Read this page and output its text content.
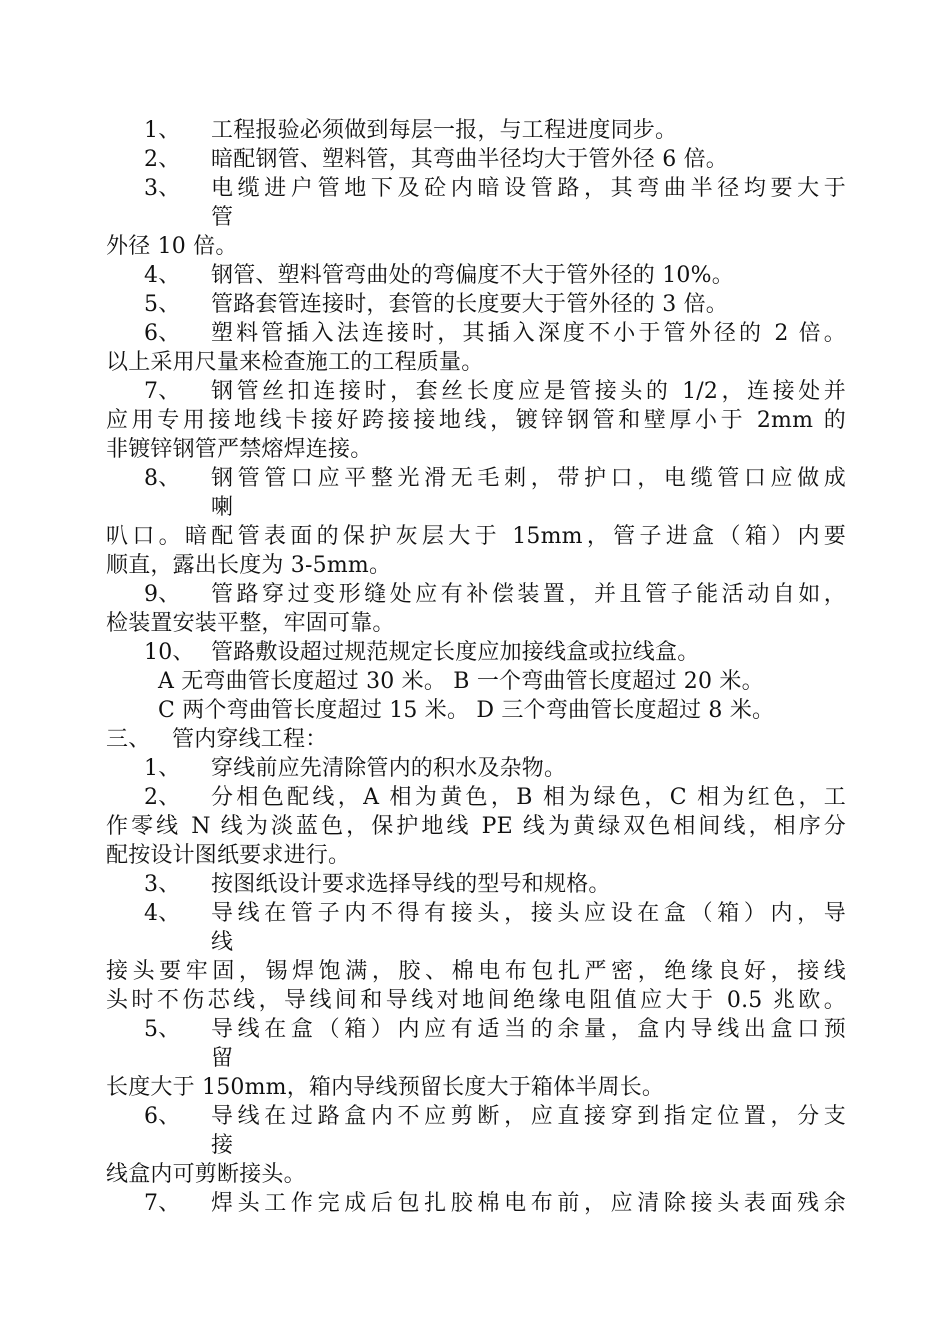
1、 工程报验必须做到每层一报，与工程进度同步。
2、 暗配钢管、塑料管，其弯曲半径均大于管外径 6 倍。
3、 电缆进户管地下及砼内暗设管路，其弯曲半径均要大于
管
外径 10 倍。
4、 钢管、塑料管弯曲处的弯偏度不大于管外径的 10%。
5、 管路套管连接时，套管的长度要大于管外径的 3 倍。
6、 塑料管插入法连接时，其插入深度不小于管外径的 2 倍。
以上采用尺量来检查施工的工程质量。
7、 钢管丝扣连接时，套丝长度应是管接头的 1/2，连接处并
应用专用接地线卡接好跨接接地线，镀锌钢管和壁厚小于 2mm 的
非镀锌钢管严禁熔焊连接。
8、 钢管管口应平整光滑无毛刺，带护口，电缆管口应做成
喇
叭口。暗配管表面的保护灰层大于 15mm，管子进盒（箱）内要
顺直，露出长度为 3-5mm。
9、 管路穿过变形缝处应有补偿装置，并且管子能活动自如，
检装置安装平整，牢固可靠。
10、 管路敷设超过规范规定长度应加接线盒或拉线盒。
A 无弯曲管长度超过 30 米。 B 一个弯曲管长度超过 20 米。
C 两个弯曲管长度超过 15 米。 D 三个弯曲管长度超过 8 米。
三、 管内穿线工程：
1、 穿线前应先清除管内的积水及杂物。
2、 分相色配线，A 相为黄色，B 相为绿色，C 相为红色，工
作零线 N 线为淡蓝色，保护地线 PE 线为黄绿双色相间线，相序分
配按设计图纸要求进行。
3、 按图纸设计要求选择导线的型号和规格。
4、 导线在管子内不得有接头，接头应设在盒（箱）内，导
线
接头要牢固，锡焊饱满，胶、棉电布包扎严密，绝缘良好，接线
头时不伤芯线，导线间和导线对地间绝缘电阻值应大于 0.5 兆欧。
5、 导线在盒（箱）内应有适当的余量，盒内导线出盒口预
留
长度大于 150mm，箱内导线预留长度大于箱体半周长。
6、 导线在过路盒内不应剪断，应直接穿到指定位置，分支
接
线盒内可剪断接头。
7、 焊头工作完成后包扎胶棉电布前，应清除接头表面残余
